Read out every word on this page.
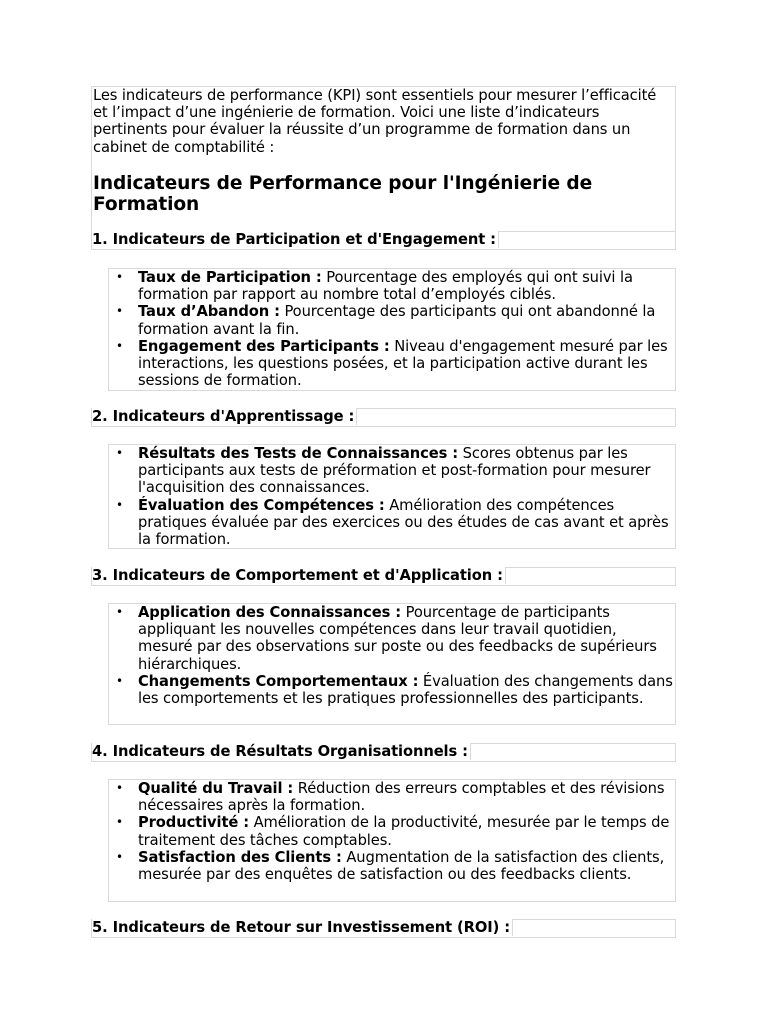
Les indicateurs de performance (KPI) sont essentiels pour mesurer l’efficacité et l’impact d’une ingénierie de formation. Voici une liste d’indicateurs pertinents pour évaluer la réussite d’un programme de formation dans un cabinet de comptabilité :

Indicateurs de Performance pour l'Ingénierie de Formation
1. Indicateurs de Participation et d'Engagement :
• Taux de Participation : Pourcentage des employés qui ont suivi la formation par rapport au nombre total d’employés ciblés.
• Taux d’Abandon : Pourcentage des participants qui ont abandonné la formation avant la fin.
• Engagement des Participants : Niveau d'engagement mesuré par les interactions, les questions posées, et la participation active durant les sessions de formation.
2. Indicateurs d'Apprentissage :
• Résultats des Tests de Connaissances : Scores obtenus par les participants aux tests de préformation et post-formation pour mesurer l'acquisition des connaissances.
• Évaluation des Compétences : Amélioration des compétences pratiques évaluée par des exercices ou des études de cas avant et après la formation.
3. Indicateurs de Comportement et d'Application :
• Application des Connaissances : Pourcentage de participants appliquant les nouvelles compétences dans leur travail quotidien, mesuré par des observations sur poste ou des feedbacks de supérieurs hiérarchiques.
• Changements Comportementaux : Évaluation des changements dans les comportements et les pratiques professionnelles des participants.
4. Indicateurs de Résultats Organisationnels :
• Qualité du Travail : Réduction des erreurs comptables et des révisions nécessaires après la formation.
• Productivité : Amélioration de la productivité, mesurée par le temps de traitement des tâches comptables.
• Satisfaction des Clients : Augmentation de la satisfaction des clients, mesurée par des enquêtes de satisfaction ou des feedbacks clients.
5. Indicateurs de Retour sur Investissement (ROI) :
